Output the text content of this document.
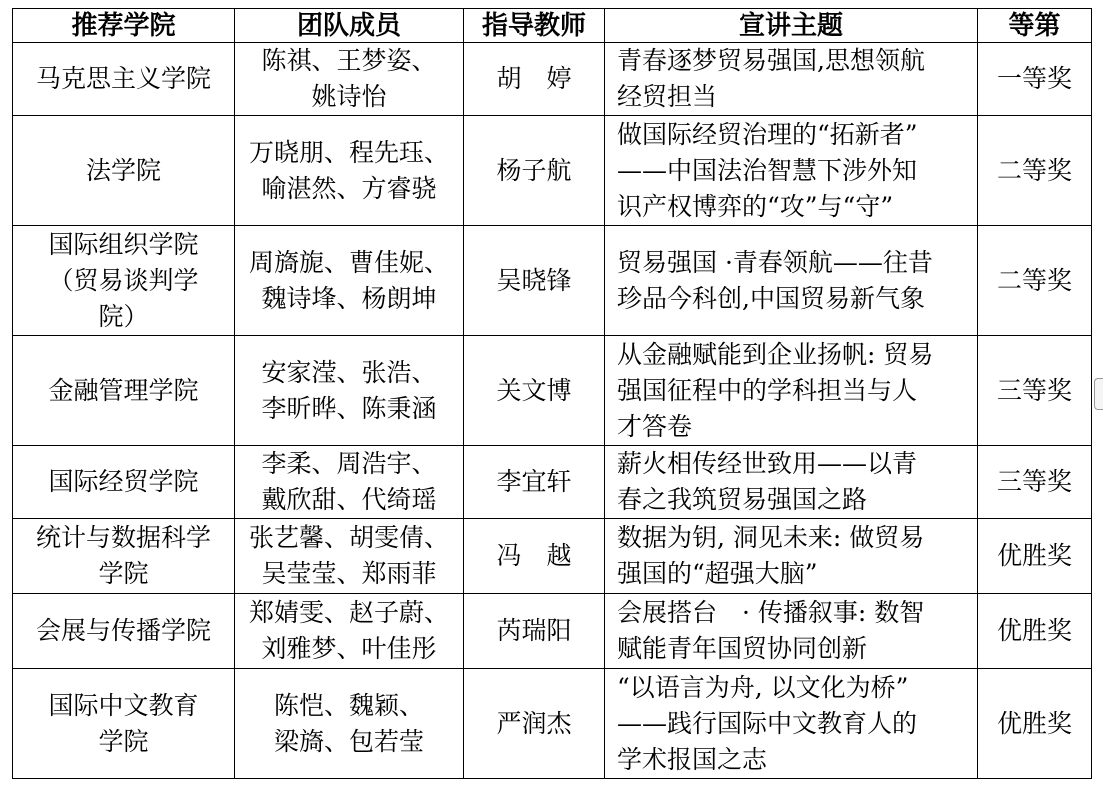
推荐学院	团队成员	指导教师	宣讲主题	等第
马克思主义学院	陈祺、王梦姿、
姚诗怡	胡　婷	青春逐梦贸易强国,思想领航
经贸担当	一等奖
法学院	万晓朋、程先珏、
喻湛然、方睿骁	杨子航	做国际经贸治理的“拓新者”
——中国法治智慧下涉外知
识产权博弈的“攻”与“守”	二等奖
国际组织学院
（贸易谈判学
院）	周旖旎、曹佳妮、
魏诗埄、杨朗坤	吴晓锋	贸易强国 ·青春领航——往昔
珍品今科创,中国贸易新气象	二等奖
金融管理学院	安家滢、张浩、
李昕晔、陈秉涵	关文博	从金融赋能到企业扬帆: 贸易
强国征程中的学科担当与人
才答卷	三等奖
国际经贸学院	李柔、周浩宇、
戴欣甜、代绮瑶	李宜轩	薪火相传经世致用——以青
春之我筑贸易强国之路	三等奖
统计与数据科学
学院	张艺馨、胡雯倩、
吴莹莹、郑雨菲	冯　越	数据为钥, 洞见未来: 做贸易
强国的“超强大脑”	优胜奖
会展与传播学院	郑婧雯、赵子蔚、
刘雅梦、叶佳彤	芮瑞阳	会展搭台　· 传播叙事: 数智
赋能青年国贸协同创新	优胜奖
国际中文教育
学院	陈恺、魏颖、
梁旖、包若莹	严润杰	“以语言为舟, 以文化为桥”
——践行国际中文教育人的
学术报国之志	优胜奖
